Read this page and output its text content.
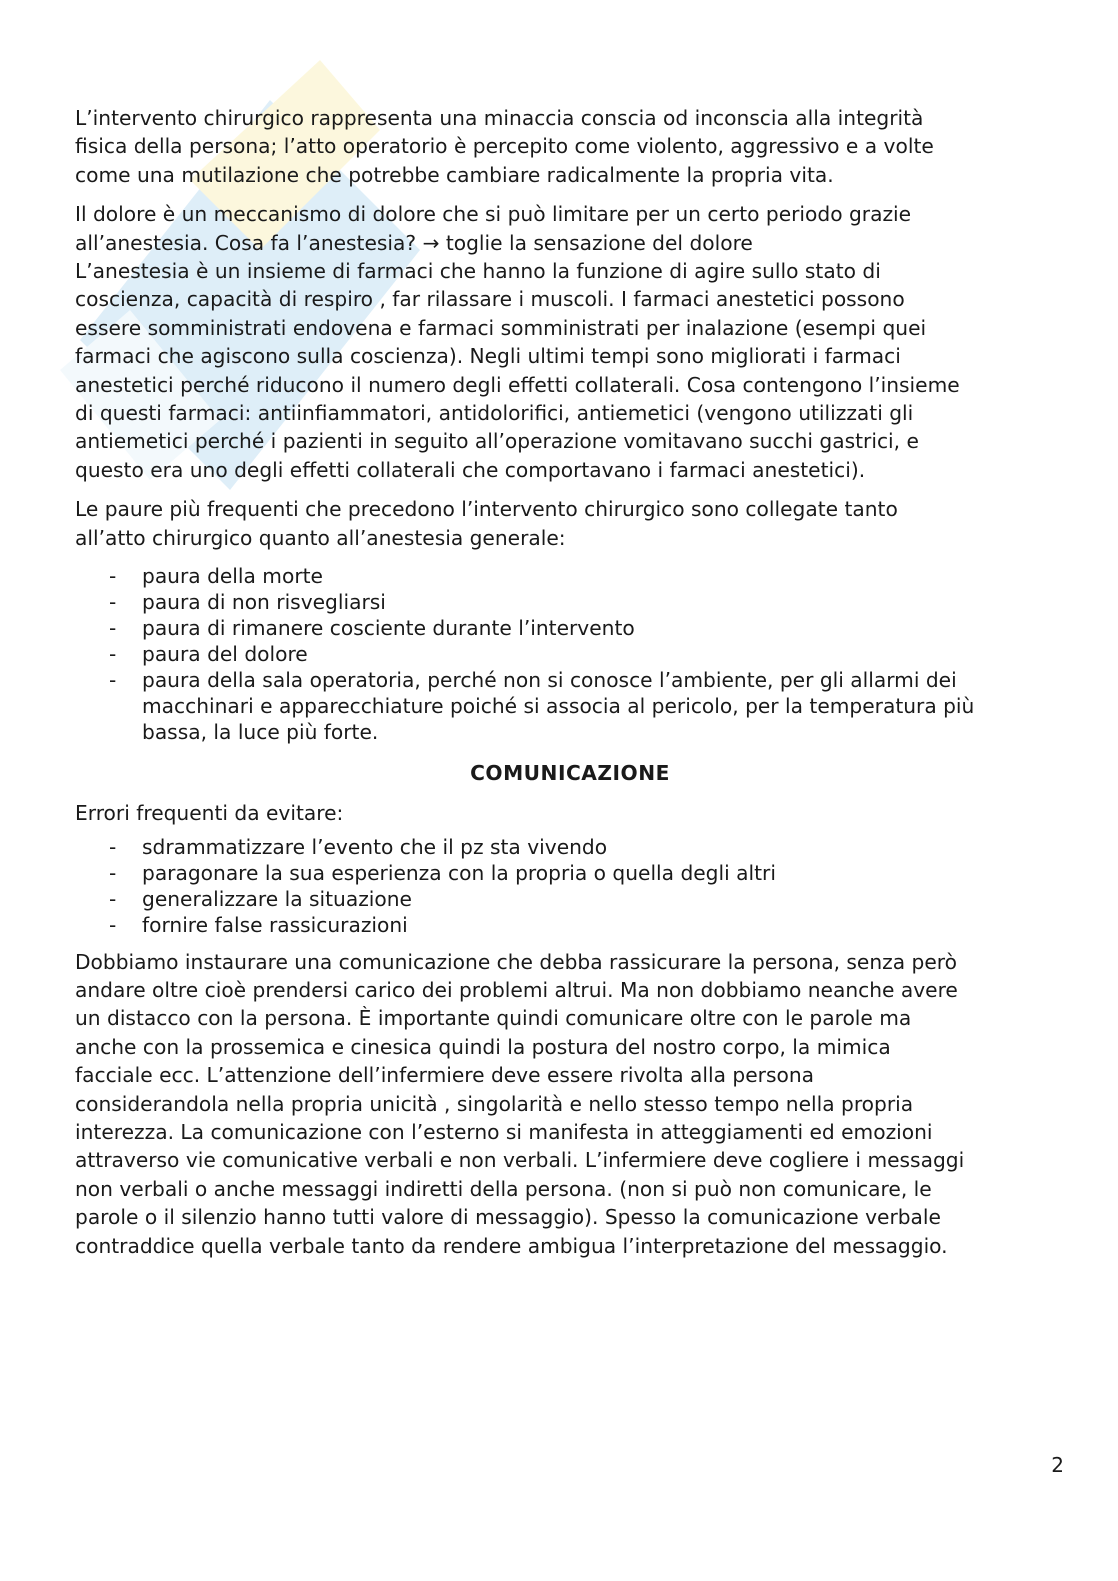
L’intervento chirurgico rappresenta una minaccia conscia od inconscia alla integrità
fisica della persona; l’atto operatorio è percepito come violento, aggressivo e a volte
come una mutilazione che potrebbe cambiare radicalmente la propria vita.

Il dolore è un meccanismo di dolore che si può limitare per un certo periodo grazie
all’anestesia. Cosa fa l’anestesia? → toglie la sensazione del dolore
L’anestesia è un insieme di farmaci che hanno la funzione di agire sullo stato di
coscienza, capacità di respiro , far rilassare i muscoli. I farmaci anestetici possono
essere somministrati endovena e farmaci somministrati per inalazione (esempi quei
farmaci che agiscono sulla coscienza). Negli ultimi tempi sono migliorati i farmaci
anestetici perché riducono il numero degli effetti collaterali. Cosa contengono l’insieme
di questi farmaci: antiinfiammatori, antidolorifici, antiemetici (vengono utilizzati gli
antiemetici perché i pazienti in seguito all’operazione vomitavano succhi gastrici, e
questo era uno degli effetti collaterali che comportavano i farmaci anestetici).

Le paure più frequenti che precedono l’intervento chirurgico sono collegate tanto
all’atto chirurgico quanto all’anestesia generale:

- paura della morte
- paura di non risvegliarsi
- paura di rimanere cosciente durante l’intervento
- paura del dolore
- paura della sala operatoria, perché non si conosce l’ambiente, per gli allarmi dei
macchinari e apparecchiature poiché si associa al pericolo, per la temperatura più
bassa, la luce più forte.
COMUNICAZIONE

Errori frequenti da evitare:

- sdrammatizzare l’evento che il pz sta vivendo
- paragonare la sua esperienza con la propria o quella degli altri
- generalizzare la situazione
- fornire false rassicurazioni

Dobbiamo instaurare una comunicazione che debba rassicurare la persona, senza però
andare oltre cioè prendersi carico dei problemi altrui. Ma non dobbiamo neanche avere
un distacco con la persona. È importante quindi comunicare oltre con le parole ma
anche con la prossemica e cinesica quindi la postura del nostro corpo, la mimica
facciale ecc. L’attenzione dell’infermiere deve essere rivolta alla persona
considerandola nella propria unicità , singolarità e nello stesso tempo nella propria
interezza. La comunicazione con l’esterno si manifesta in atteggiamenti ed emozioni
attraverso vie comunicative verbali e non verbali. L’infermiere deve cogliere i messaggi
non verbali o anche messaggi indiretti della persona. (non si può non comunicare, le
parole o il silenzio hanno tutti valore di messaggio). Spesso la comunicazione verbale
contraddice quella verbale tanto da rendere ambigua l’interpretazione del messaggio.

2
